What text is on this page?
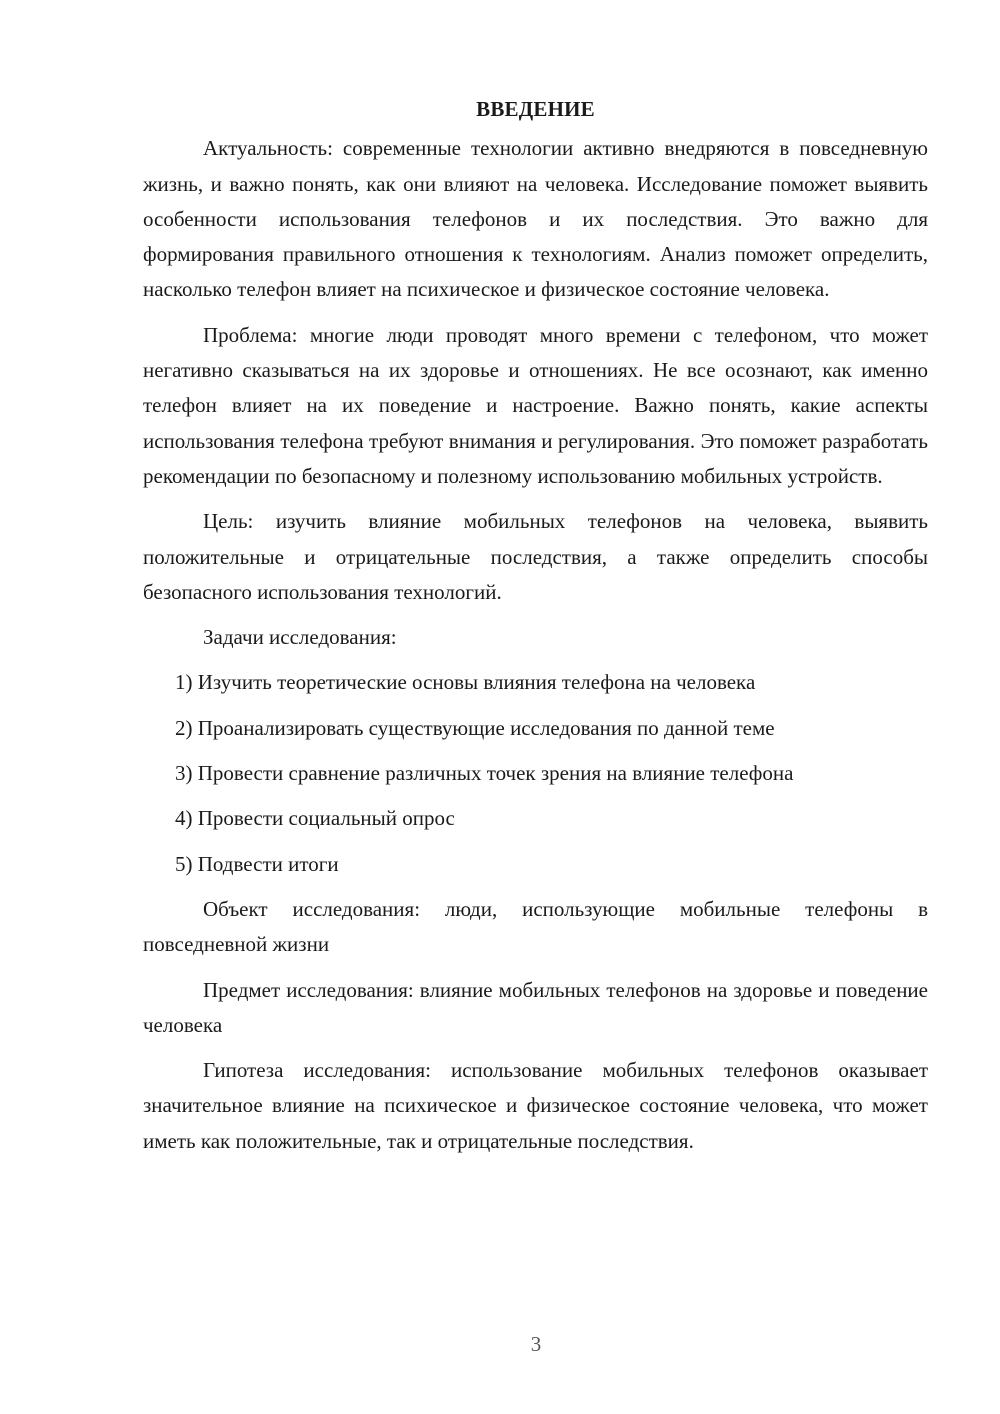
ВВЕДЕНИЕ

Актуальность: современные технологии активно внедряются в повседневную жизнь, и важно понять, как они влияют на человека. Исследование поможет выявить особенности использования телефонов и их последствия. Это важно для формирования правильного отношения к технологиям. Анализ поможет определить, насколько телефон влияет на психическое и физическое состояние человека.

Проблема: многие люди проводят много времени с телефоном, что может негативно сказываться на их здоровье и отношениях. Не все осознают, как именно телефон влияет на их поведение и настроение. Важно понять, какие аспекты использования телефона требуют внимания и регулирования. Это поможет разработать рекомендации по безопасному и полезному использованию мобильных устройств.

Цель: изучить влияние мобильных телефонов на человека, выявить положительные и отрицательные последствия, а также определить способы безопасного использования технологий.

Задачи исследования:

1) Изучить теоретические основы влияния телефона на человека
2) Проанализировать существующие исследования по данной теме
3) Провести сравнение различных точек зрения на влияние телефона
4) Провести социальный опрос
5) Подвести итоги

Объект исследования: люди, использующие мобильные телефоны в повседневной жизни

Предмет исследования: влияние мобильных телефонов на здоровье и поведение человека

Гипотеза исследования: использование мобильных телефонов оказывает значительное влияние на психическое и физическое состояние человека, что может иметь как положительные, так и отрицательные последствия.

3
